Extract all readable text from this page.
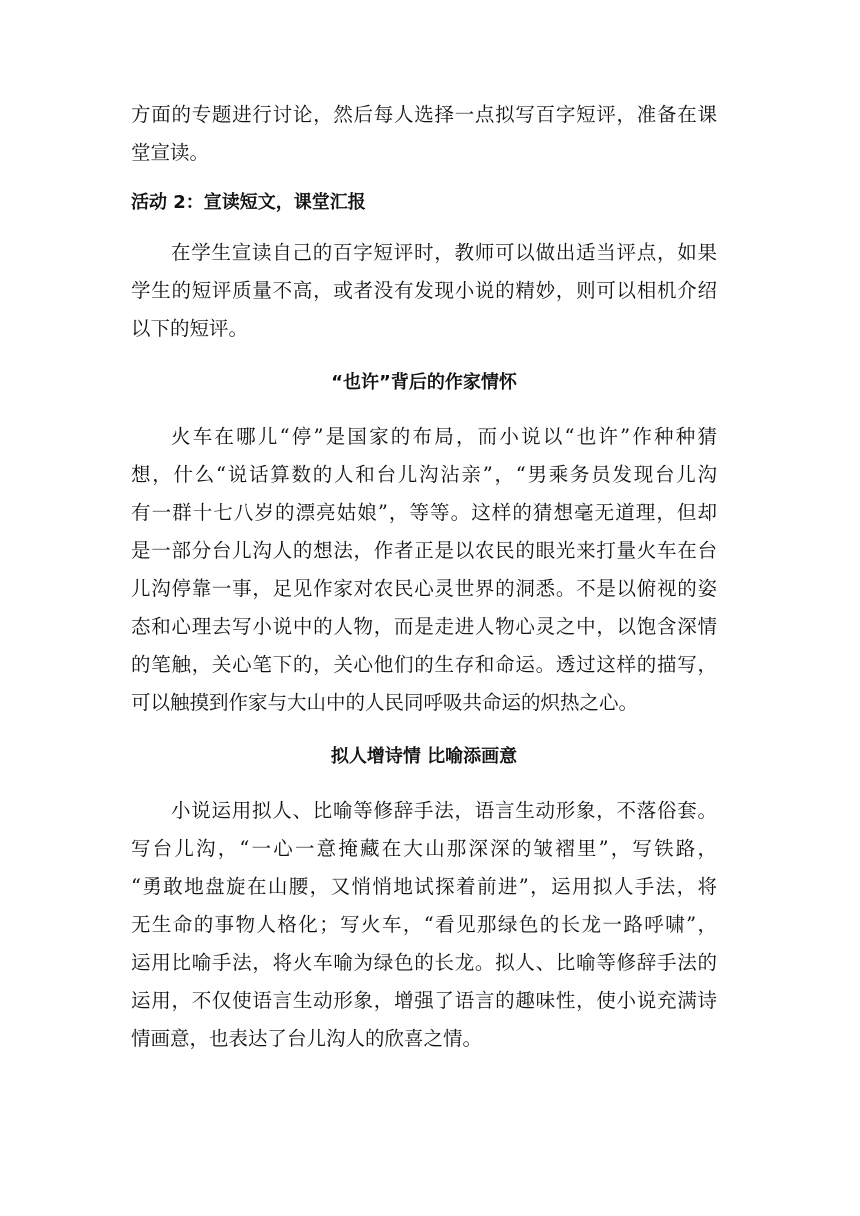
方面的专题进行讨论，然后每人选择一点拟写百字短评，准备在课
堂宣读。
活动 2：宣读短文，课堂汇报
在学生宣读自己的百字短评时，教师可以做出适当评点，如果
学生的短评质量不高，或者没有发现小说的精妙，则可以相机介绍
以下的短评。
“也许”背后的作家情怀
火车在哪儿“停”是国家的布局，而小说以“也许”作种种猜
想，什么“说话算数的人和台儿沟沾亲”，“男乘务员发现台儿沟
有一群十七八岁的漂亮姑娘”，等等。这样的猜想毫无道理，但却
是一部分台儿沟人的想法，作者正是以农民的眼光来打量火车在台
儿沟停靠一事，足见作家对农民心灵世界的洞悉。不是以俯视的姿
态和心理去写小说中的人物，而是走进人物心灵之中，以饱含深情
的笔触，关心笔下的，关心他们的生存和命运。透过这样的描写，
可以触摸到作家与大山中的人民同呼吸共命运的炽热之心。
拟人增诗情 比喻添画意
小说运用拟人、比喻等修辞手法，语言生动形象，不落俗套。
写台儿沟，“一心一意掩藏在大山那深深的皱褶里”，写铁路，
“勇敢地盘旋在山腰，又悄悄地试探着前进”，运用拟人手法，将
无生命的事物人格化；写火车，“看见那绿色的长龙一路呼啸”，
运用比喻手法，将火车喻为绿色的长龙。拟人、比喻等修辞手法的
运用，不仅使语言生动形象，增强了语言的趣味性，使小说充满诗
情画意，也表达了台儿沟人的欣喜之情。
